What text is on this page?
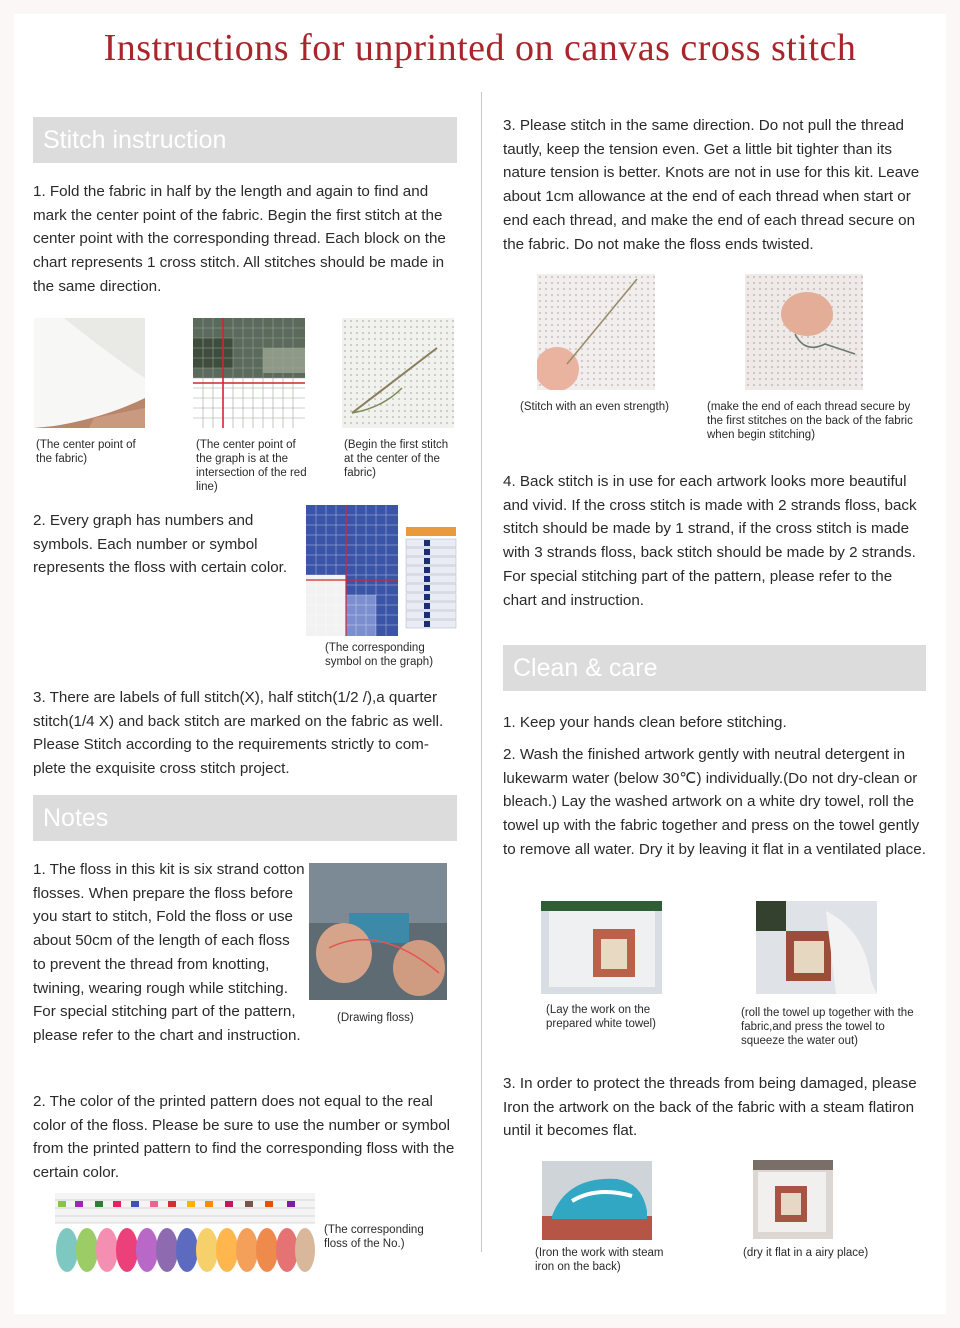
Instructions for unprinted on canvas cross stitch
Stitch instruction

1. Fold the fabric in half by the length and again to find and mark the center point of the fabric. Begin the first stitch at the center point with the corresponding thread. Each block on the chart represents 1 cross stitch. All stitches should be made in the same direction.

(The center point of the fabric)
(The center point of the graph is at the intersection of the red line)
(Begin the first stitch at the center of the fabric)

2. Every graph has numbers and symbols. Each number or symbol represents the floss with certain color.

(The corresponding symbol on the graph)

3. There are labels of full stitch(X), half stitch(1/2 /),a quarter stitch(1/4 X) and back stitch are marked on the fabric as well. Please Stitch according to the requirements strictly to com- plete the exquisite cross stitch project.

Notes

1. The floss in this kit is six strand cotton flosses. When prepare the floss before you start to stitch, Fold the floss or use about 50cm of the length of each floss to prevent the thread from knotting, twining, wearing rough while stitching. For special stitching part of the pattern, please refer to the chart and instruction.

(Drawing floss)

2. The color of the printed pattern does not equal to the real color of the floss. Please be sure to use the number or symbol from the printed pattern to find the corresponding floss with the certain color.

(The corresponding floss of the No.)

3. Please stitch in the same direction. Do not pull the thread tautly, keep the tension even. Get a little bit tighter than its nature tension is better. Knots are not in use for this kit. Leave about 1cm allowance at the end of each thread when start or end each thread, and make the end of each thread secure on the fabric. Do not make the floss ends twisted.

(Stitch with an even strength)	(make the end of each thread secure by the first stitches on the back of the fabric when begin stitching)

4. Back stitch is in use for each artwork looks more beautiful and vivid. If the cross stitch is made with 2 strands floss, back stitch should be made by 1 strand, if the cross stitch is made with 3 strands floss, back stitch should be made by 2 strands. For special stitching part of the pattern, please refer to the chart and instruction.

Clean & care

1. Keep your hands clean before stitching.

2. Wash the finished artwork gently with neutral detergent in lukewarm water (below 30℃) individually.(Do not dry-clean or bleach.) Lay the washed artwork on a white dry towel, roll the towel up with the fabric together and press on the towel gently to remove all water. Dry it by leaving it flat in a ventilated place.

(Lay the work on the prepared white towel)
(roll the towel up together with the fabric,and press the towel to squeeze the water out)

3. In order to protect the threads from being damaged, please Iron the artwork on the back of the fabric with a steam flatiron until it becomes flat.

(Iron the work with steam iron on the back)
(dry it flat in a airy place)
